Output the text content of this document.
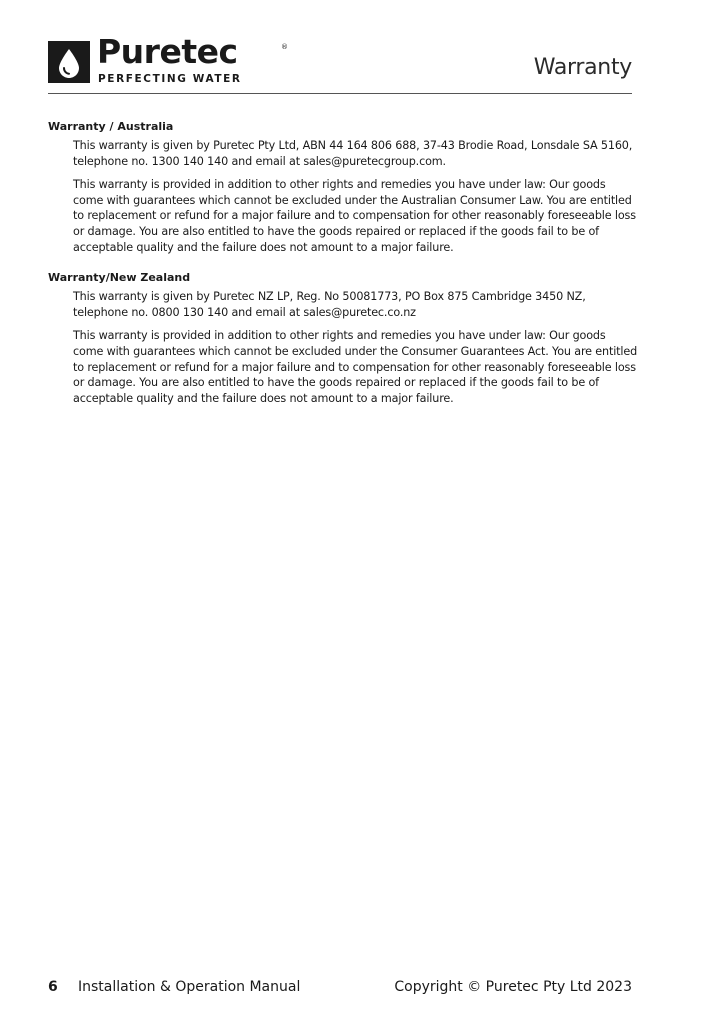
Puretec	®
PERFECTING WATER	Warranty

Warranty / Australia

This warranty is given by Puretec Pty Ltd, ABN 44 164 806 688, 37-43 Brodie Road, Lonsdale SA 5160, telephone no. 1300 140 140 and email at sales@puretecgroup.com.

This warranty is provided in addition to other rights and remedies you have under law: Our goods come with guarantees which cannot be excluded under the Australian Consumer Law. You are entitled to replacement or refund for a major failure and to compensation for other reasonably foreseeable loss or damage. You are also entitled to have the goods repaired or replaced if the goods fail to be of acceptable quality and the failure does not amount to a major failure.

Warranty/New Zealand

This warranty is given by Puretec NZ LP, Reg. No 50081773, PO Box 875 Cambridge 3450 NZ, telephone no. 0800 130 140 and email at sales@puretec.co.nz

This warranty is provided in addition to other rights and remedies you have under law: Our goods come with guarantees which cannot be excluded under the Consumer Guarantees Act. You are entitled to replacement or refund for a major failure and to compensation for other reasonably foreseeable loss or damage. You are also entitled to have the goods repaired or replaced if the goods fail to be of acceptable quality and the failure does not amount to a major failure.

6 Installation & Operation Manual	Copyright © Puretec Pty Ltd 2023
